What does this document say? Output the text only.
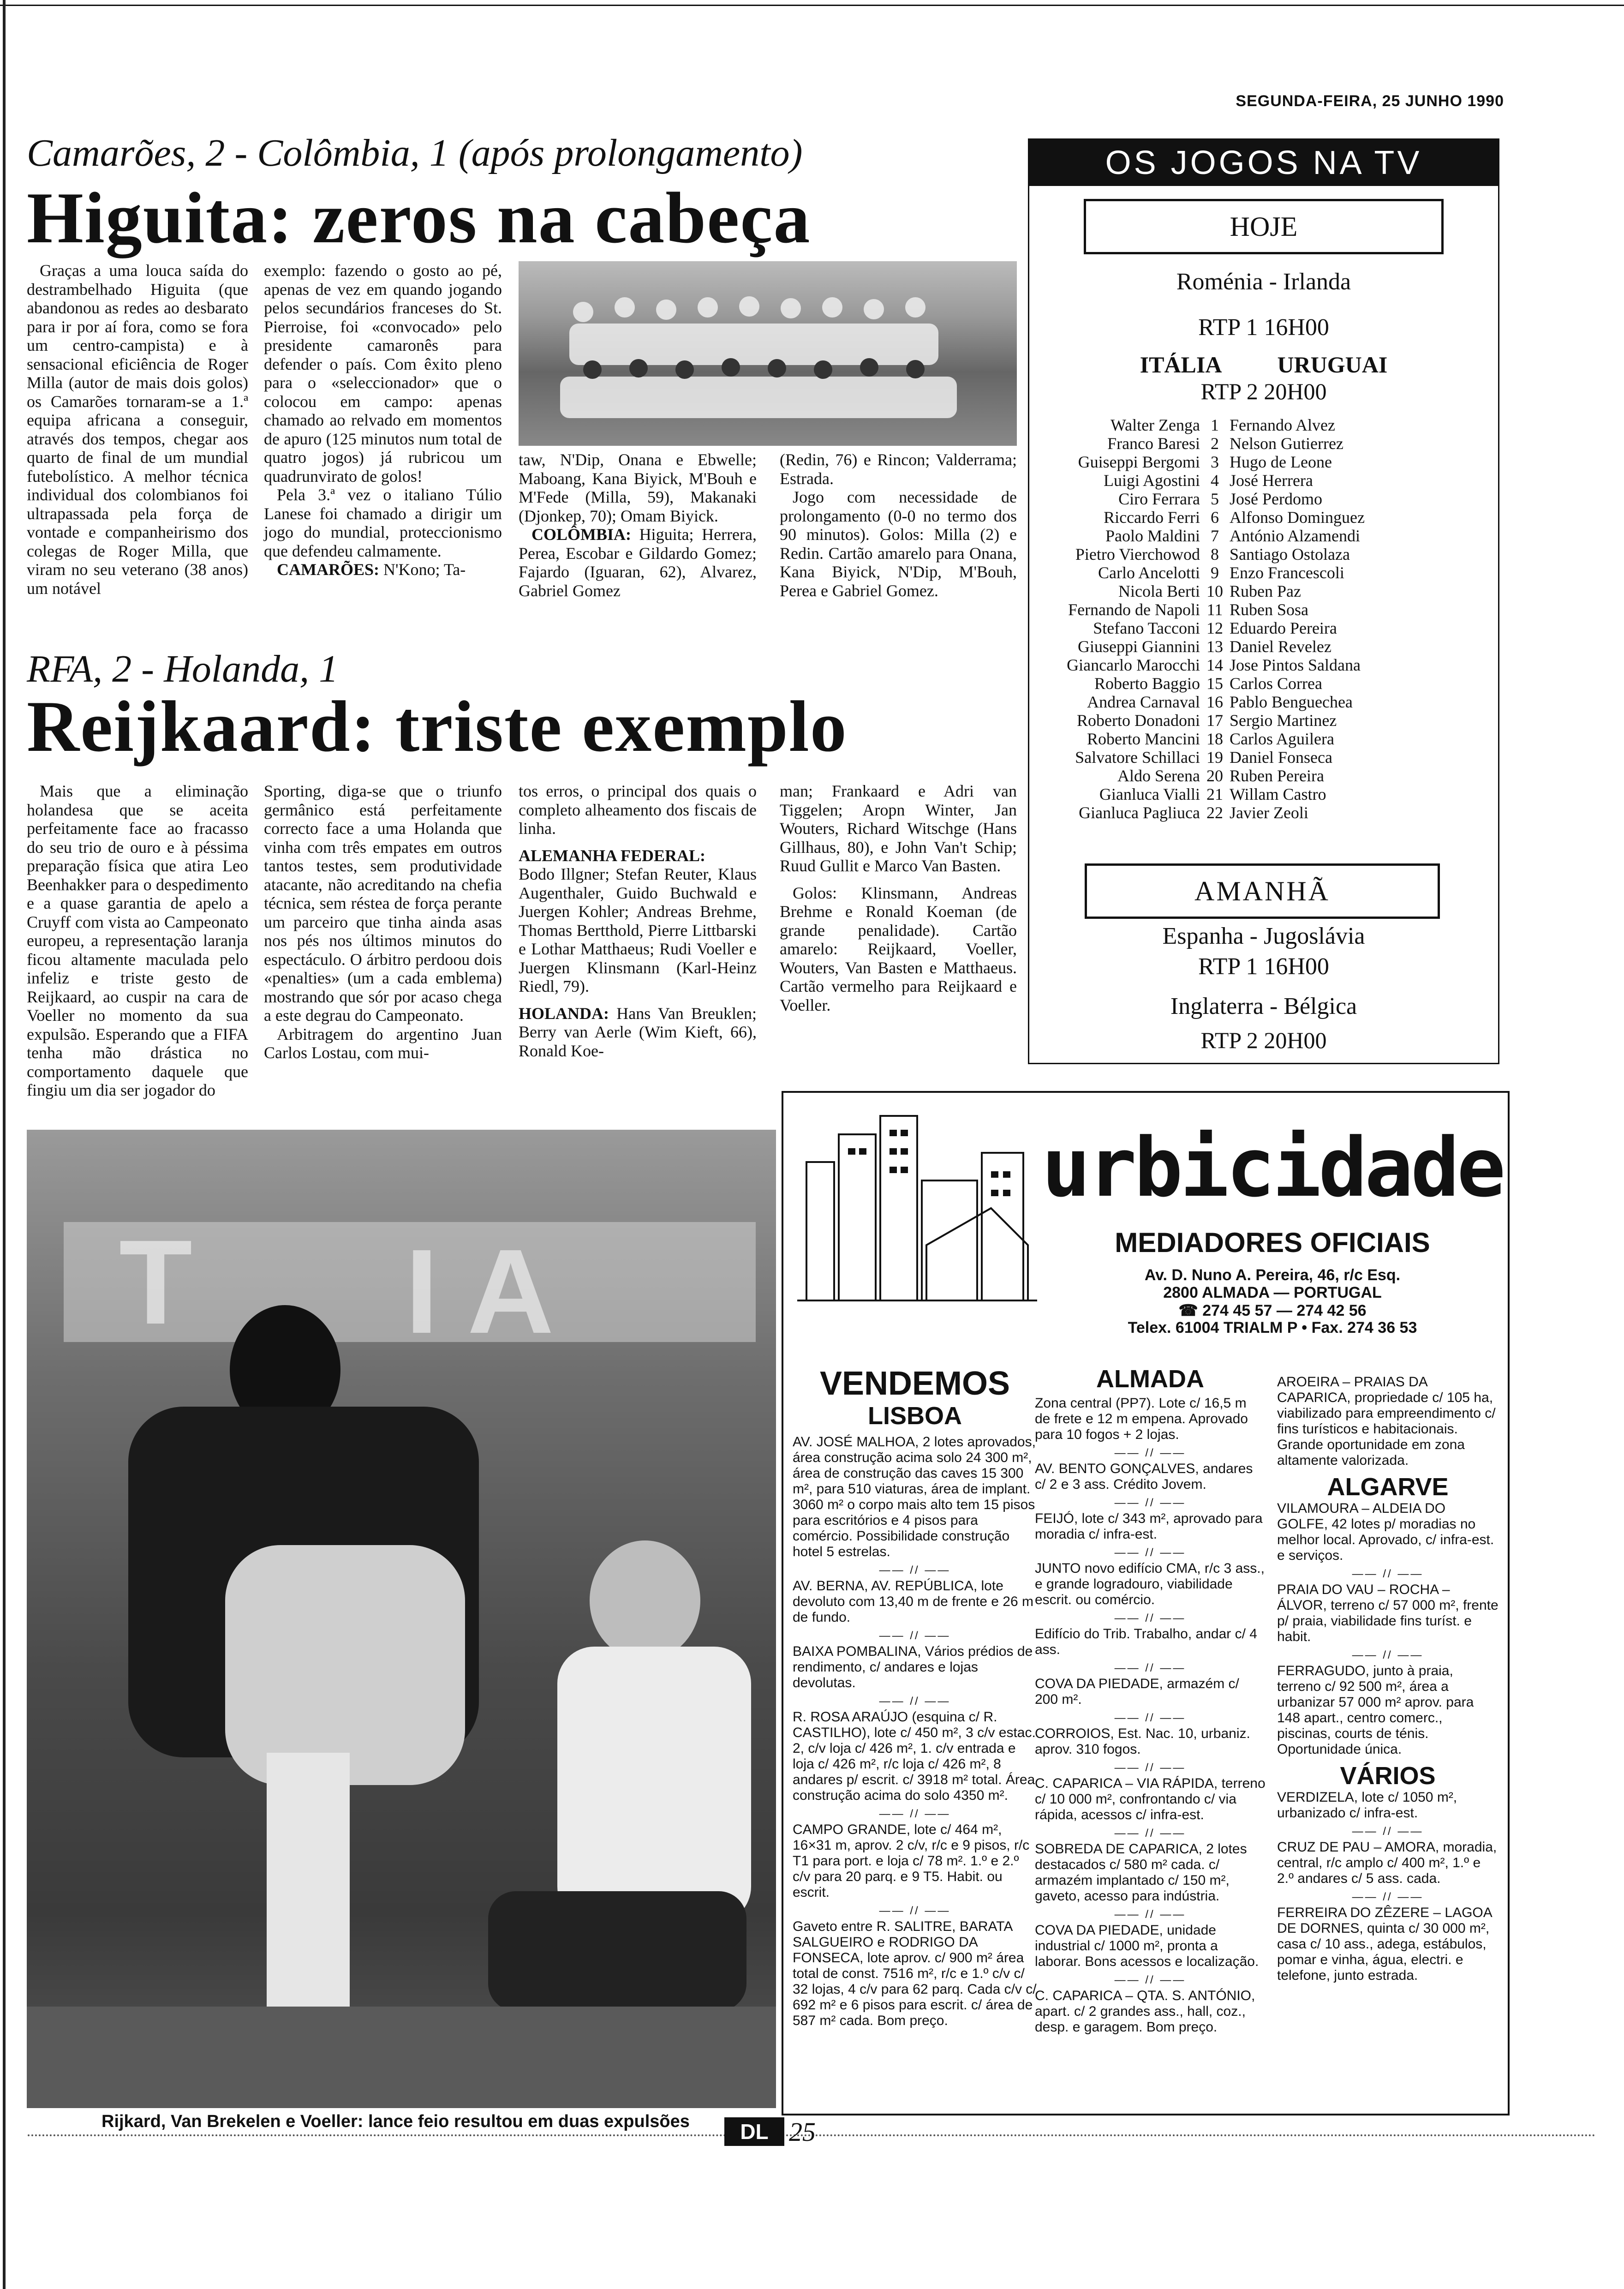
SEGUNDA-FEIRA, 25 JUNHO 1990
Camarões, 2 - Colômbia, 1 (após prolongamento)
Higuita: zeros na cabeça

Graças a uma louca saída do destrambelhado Higuita (que abandonou as redes ao desbarato para ir por aí fora, como se fora um centro-campista) e à sensacional eficiência de Roger Milla (autor de mais dois golos) os Camarões tornaram-se a 1.ª equipa africana a conseguir, através dos tempos, chegar aos quarto de final de um mundial futebolístico. A melhor técnica individual dos colombianos foi ultrapassada pela força de vontade e companheirismo dos colegas de Roger Milla, que viram no seu veterano (38 anos) um notável

exemplo: fazendo o gosto ao pé, apenas de vez em quando jogando pelos secundários franceses do St. Pierroise, foi «convocado» pelo presidente camaronês para defender o país. Com êxito pleno para o «seleccionador» que o colocou em campo: apenas chamado ao relvado em momentos de apuro (125 minutos num total de quatro jogos) já rubricou um quadrunvirato de golos!

Pela 3.ª vez o italiano Túlio Lanese foi chamado a dirigir um jogo do mundial, proteccionismo que defendeu calmamente.

CAMARÕES: N'Kono; Ta-

taw, N'Dip, Onana e Ebwelle; Maboang, Kana Biyick, M'Bouh e M'Fede (Milla, 59), Makanaki (Djonkep, 70); Omam Biyick.

COLÔMBIA: Higuita; Herrera, Perea, Escobar e Gildardo Gomez; Fajardo (Iguaran, 62), Alvarez, Gabriel Gomez

(Redin, 76) e Rincon; Valderrama; Estrada.

Jogo com necessidade de prolongamento (0-0 no termo dos 90 minutos). Golos: Milla (2) e Redin. Cartão amarelo para Onana, Kana Biyick, N'Dip, M'Bouh, Perea e Gabriel Gomez.

RFA, 2 - Holanda, 1
Reijkaard: triste exemplo

Mais que a eliminação holandesa que se aceita perfeitamente face ao fracasso do seu trio de ouro e à péssima preparação física que atira Leo Beenhakker para o despedimento e a quase garantia de apelo a Cruyff com vista ao Campeonato europeu, a representação laranja ficou altamente maculada pelo infeliz e triste gesto de Reijkaard, ao cuspir na cara de Voeller no momento da sua expulsão. Esperando que a FIFA tenha mão drástica no comportamento daquele que fingiu um dia ser jogador do

Sporting, diga-se que o triunfo germânico está perfeitamente correcto face a uma Holanda que vinha com três empates em outros tantos testes, sem produtividade atacante, não acreditando na chefia técnica, sem réstea de força perante um parceiro que tinha ainda asas nos pés nos últimos minutos do espectáculo. O árbitro perdoou dois «penalties» (um a cada emblema) mostrando que sór por acaso chega a este degrau do Campeonato.

Arbitragem do argentino Juan Carlos Lostau, com mui-

tos erros, o principal dos quais o completo alheamento dos fiscais de linha.

ALEMANHA FEDERAL:

Bodo Illgner; Stefan Reuter, Klaus Augenthaler, Guido Buchwald e Juergen Kohler; Andreas Brehme, Thomas Bertthold, Pierre Littbarski e Lothar Matthaeus; Rudi Voeller e Juergen Klinsmann (Karl-Heinz Riedl, 79).

HOLANDA: Hans Van Breuklen; Berry van Aerle (Wim Kieft, 66), Ronald Koe-

man; Frankaard e Adri van Tiggelen; Aropn Winter, Jan Wouters, Richard Witschge (Hans Gillhaus, 80), e John Van't Schip; Ruud Gullit e Marco Van Basten.

Golos: Klinsmann, Andreas Brehme e Ronald Koeman (de grande penalidade). Cartão amarelo: Reijkaard, Voeller, Wouters, Van Basten e Matthaeus. Cartão vermelho para Reijkaard e Voeller.

T I A
Rijkard, Van Brekelen e Voeller: lance feio resultou em duas expulsões
OS JOGOS NA TV
HOJE
Roménia - Irlanda
RTP 1 16H00
ITÁLIA URUGUAI
RTP 2 20H00
Walter Zenga 1 Fernando Alvez
Franco Baresi 2 Nelson Gutierrez
Guiseppi Bergomi 3 Hugo de Leone
Luigi Agostini 4 José Herrera
Ciro Ferrara 5 José Perdomo
Riccardo Ferri 6 Alfonso Dominguez
Paolo Maldini 7 António Alzamendi
Pietro Vierchowod 8 Santiago Ostolaza
Carlo Ancelotti 9 Enzo Francescoli
Nicola Berti 10 Ruben Paz
Fernando de Napoli 11 Ruben Sosa
Stefano Tacconi 12 Eduardo Pereira
Giuseppi Giannini 13 Daniel Revelez
Giancarlo Marocchi 14 Jose Pintos Saldana
Roberto Baggio 15 Carlos Correa
Andrea Carnaval 16 Pablo Benguechea
Roberto Donadoni 17 Sergio Martinez
Roberto Mancini 18 Carlos Aguilera
Salvatore Schillaci 19 Daniel Fonseca
Aldo Serena 20 Ruben Pereira
Gianluca Vialli 21 Willam Castro
Gianluca Pagliuca 22 Javier Zeoli
AMANHÃ
Espanha - Jugoslávia
RTP 1 16H00
Inglaterra - Bélgica
RTP 2 20H00
urbicidade
MEDIADORES OFICIAIS
Av. D. Nuno A. Pereira, 46, r/c Esq.
2800 ALMADA — PORTUGAL
☎ 274 45 57 — 274 42 56
Telex. 61004 TRIALM P • Fax. 274 36 53
VENDEMOS
LISBOA

AV. JOSÉ MALHOA, 2 lotes aprovados, área construção acima solo 24 300 m², área de construção das caves 15 300 m², para 510 viaturas, área de implant. 3060 m² o corpo mais alto tem 15 pisos para escritórios e 4 pisos para comércio. Possibilidade construção hotel 5 estrelas.

—— // ——

AV. BERNA, AV. REPÚBLICA, lote devoluto com 13,40 m de frente e 26 m de fundo.

—— // ——

BAIXA POMBALINA, Vários prédios de rendimento, c/ andares e lojas devolutas.

—— // ——

R. ROSA ARAÚJO (esquina c/ R. CASTILHO), lote c/ 450 m², 3 c/v estac. 2, c/v loja c/ 426 m², 1. c/v entrada e loja c/ 426 m², r/c loja c/ 426 m², 8 andares p/ escrit. c/ 3918 m² total. Área construção acima do solo 4350 m².

—— // ——

CAMPO GRANDE, lote c/ 464 m², 16×31 m, aprov. 2 c/v, r/c e 9 pisos, r/c T1 para port. e loja c/ 78 m². 1.º e 2.º c/v para 20 parq. e 9 T5. Habit. ou escrit.

—— // ——

Gaveto entre R. SALITRE, BARATA SALGUEIRO e RODRIGO DA FONSECA, lote aprov. c/ 900 m² área total de const. 7516 m², r/c e 1.º c/v c/ 32 lojas, 4 c/v para 62 parq. Cada c/v c/ 692 m² e 6 pisos para escrit. c/ área de 587 m² cada. Bom preço.

ALMADA

Zona central (PP7). Lote c/ 16,5 m de frete e 12 m empena. Aprovado para 10 fogos + 2 lojas.

—— // ——

AV. BENTO GONÇALVES, andares c/ 2 e 3 ass. Crédito Jovem.

—— // ——

FEIJÓ, lote c/ 343 m², aprovado para moradia c/ infra-est.

—— // ——

JUNTO novo edifício CMA, r/c 3 ass., e grande logradouro, viabilidade escrit. ou comércio.

—— // ——

Edifício do Trib. Trabalho, andar c/ 4 ass.

—— // ——

COVA DA PIEDADE, armazém c/ 200 m².

—— // ——

CORROIOS, Est. Nac. 10, urbaniz. aprov. 310 fogos.

—— // ——

C. CAPARICA – VIA RÁPIDA, terreno c/ 10 000 m², confrontando c/ via rápida, acessos c/ infra-est.

—— // ——

SOBREDA DE CAPARICA, 2 lotes destacados c/ 580 m² cada. c/ armazém implantado c/ 150 m², gaveto, acesso para indústria.

—— // ——

COVA DA PIEDADE, unidade industrial c/ 1000 m², pronta a laborar. Bons acessos e localização.

—— // ——

C. CAPARICA – QTA. S. ANTÓNIO, apart. c/ 2 grandes ass., hall, coz., desp. e garagem. Bom preço.

AROEIRA – PRAIAS DA CAPARICA, propriedade c/ 105 ha, viabilizado para empreendimento c/ fins turísticos e habitacionais. Grande oportunidade em zona altamente valorizada.

ALGARVE

VILAMOURA – ALDEIA DO GOLFE, 42 lotes p/ moradias no melhor local. Aprovado, c/ infra-est. e serviços.

—— // ——

PRAIA DO VAU – ROCHA – ÁLVOR, terreno c/ 57 000 m², frente p/ praia, viabilidade fins turíst. e habit.

—— // ——

FERRAGUDO, junto à praia, terreno c/ 92 500 m², área a urbanizar 57 000 m² aprov. para 148 apart., centro comerc., piscinas, courts de ténis. Oportunidade única.

VÁRIOS

VERDIZELA, lote c/ 1050 m², urbanizado c/ infra-est.

—— // ——

CRUZ DE PAU – AMORA, moradia, central, r/c amplo c/ 400 m², 1.º e 2.º andares c/ 5 ass. cada.

—— // ——

FERREIRA DO ZÊZERE – LAGOA DE DORNES, quinta c/ 30 000 m², casa c/ 10 ass., adega, estábulos, pomar e vinha, água, electri. e telefone, junto estrada.

DL 25
